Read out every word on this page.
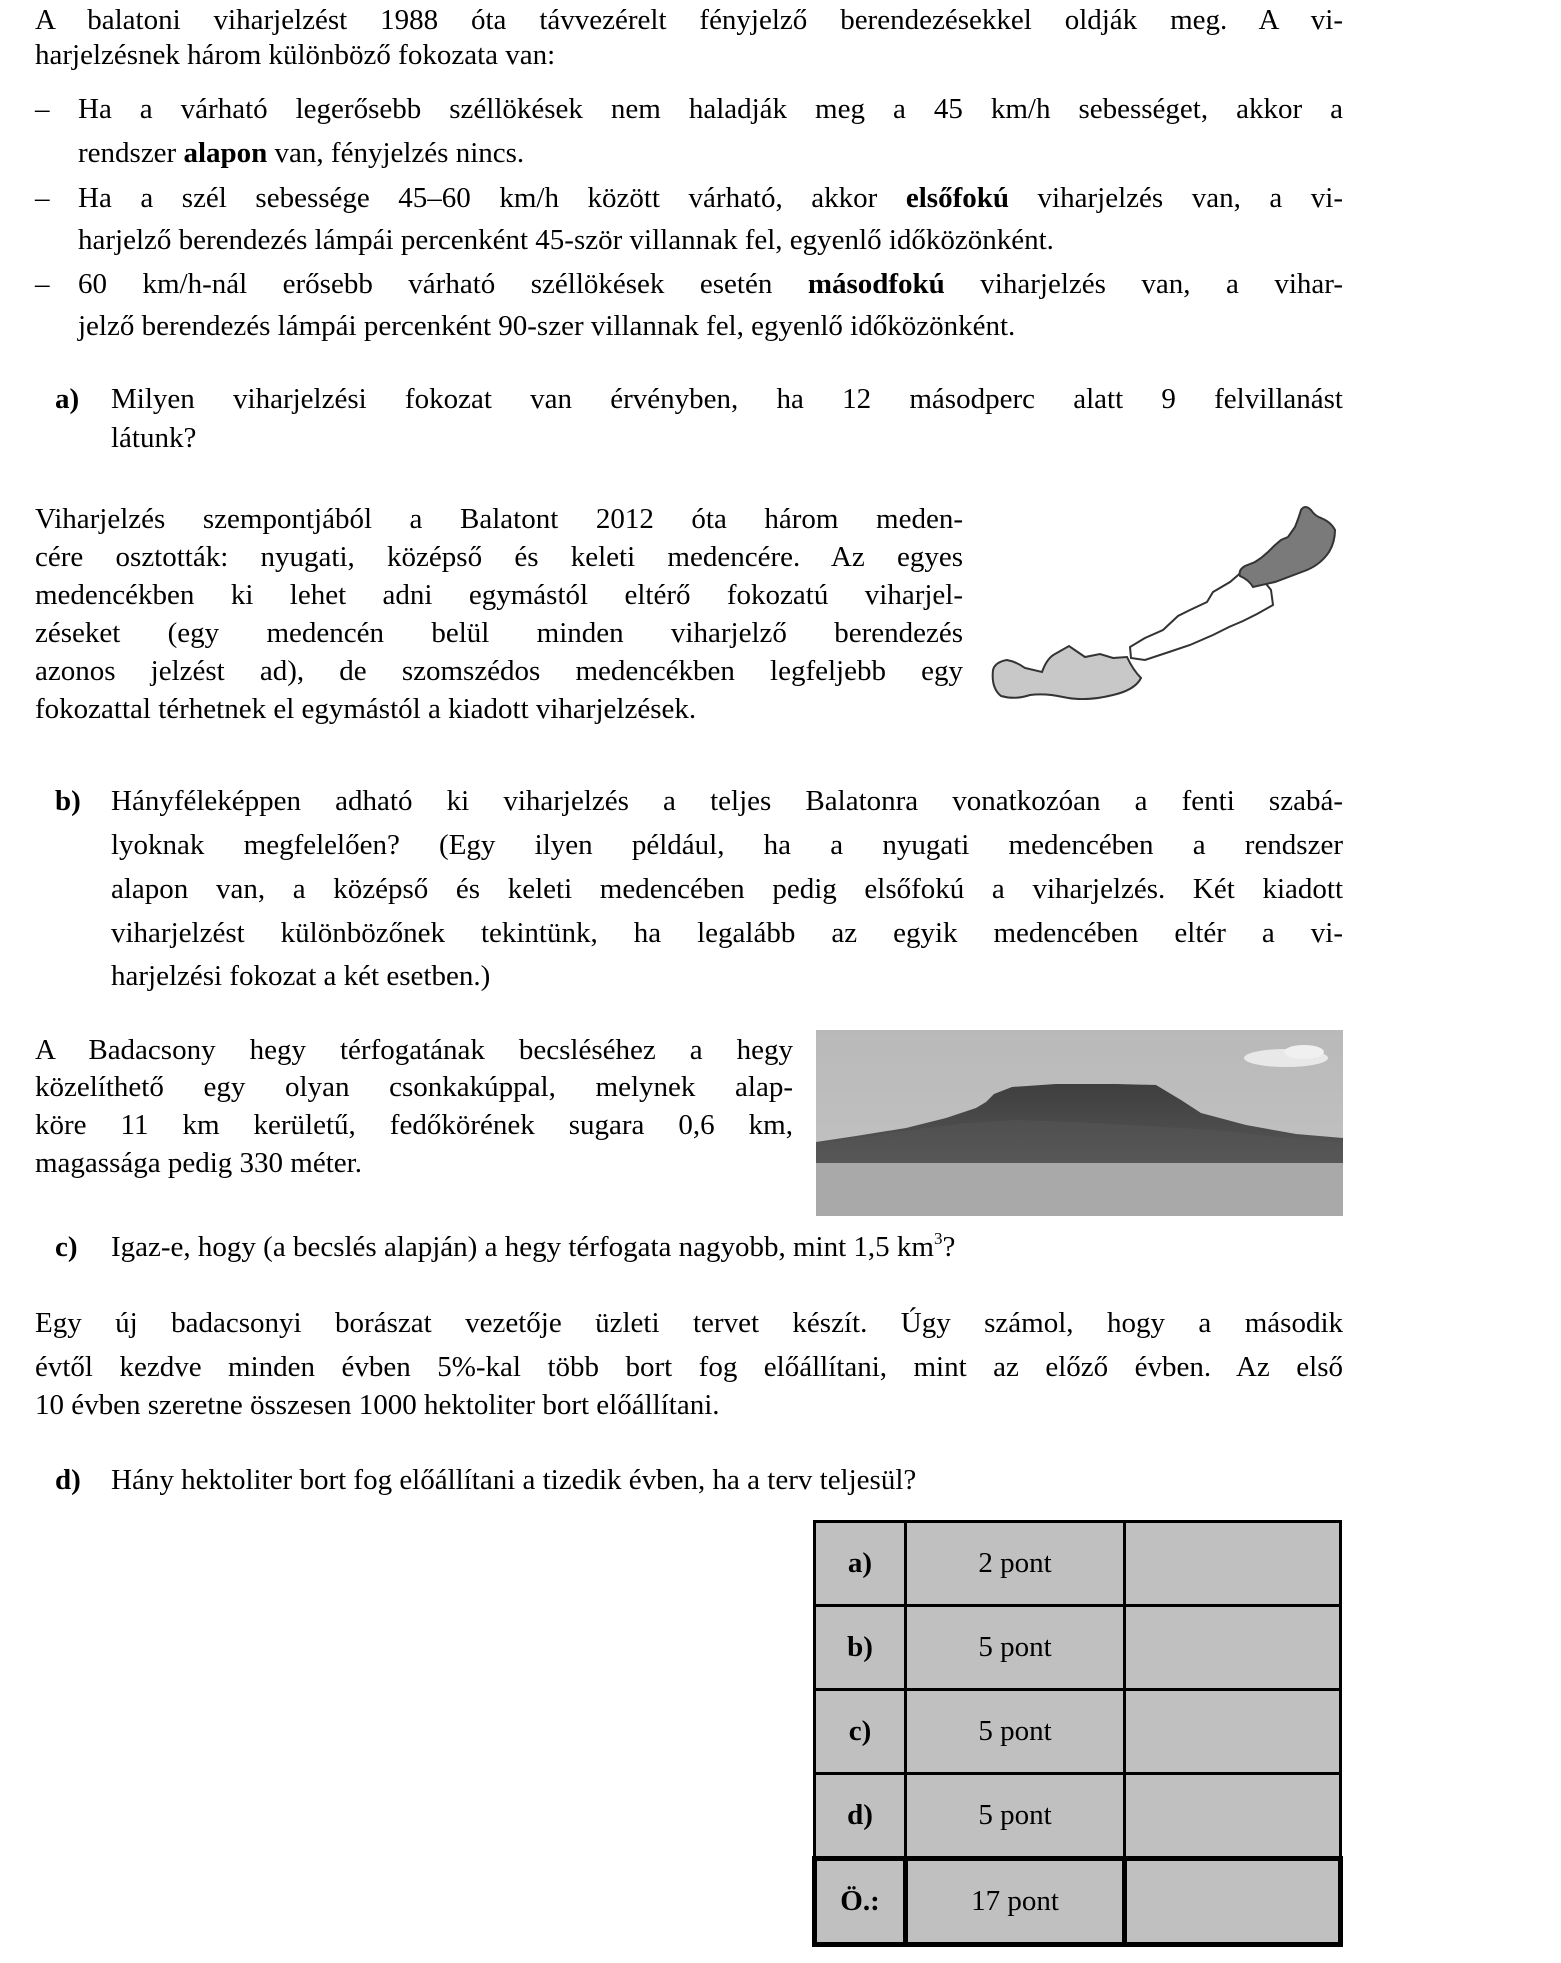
A balatoni viharjelzést 1988 óta távvezérelt fényjelző berendezésekkel oldják meg. A vi-
harjelzésnek három különböző fokozata van:
– Ha a várható legerősebb széllökések nem haladják meg a 45 km/h sebességet, akkor a
rendszer alapon van, fényjelzés nincs.
– Ha a szél sebessége 45–60 km/h között várható, akkor elsőfokú viharjelzés van, a vi-
harjelző berendezés lámpái percenként 45-ször villannak fel, egyenlő időközönként.
– 60 km/h-nál erősebb várható széllökések esetén másodfokú viharjelzés van, a vihar-
jelző berendezés lámpái percenként 90-szer villannak fel, egyenlő időközönként.
a) Milyen viharjelzési fokozat van érvényben, ha 12 másodperc alatt 9 felvillanást
látunk?
Viharjelzés szempontjából a Balatont 2012 óta három meden-
cére osztották: nyugati, középső és keleti medencére. Az egyes
medencékben ki lehet adni egymástól eltérő fokozatú viharjel-
zéseket (egy medencén belül minden viharjelző berendezés
azonos jelzést ad), de szomszédos medencékben legfeljebb egy
fokozattal térhetnek el egymástól a kiadott viharjelzések.
b) Hányféleképpen adható ki viharjelzés a teljes Balatonra vonatkozóan a fenti szabá-
lyoknak megfelelően? (Egy ilyen például, ha a nyugati medencében a rendszer
alapon van, a középső és keleti medencében pedig elsőfokú a viharjelzés. Két kiadott
viharjelzést különbözőnek tekintünk, ha legalább az egyik medencében eltér a vi-
harjelzési fokozat a két esetben.)
A Badacsony hegy térfogatának becsléséhez a hegy
közelíthető egy olyan csonkakúppal, melynek alap-
köre 11 km kerületű, fedőkörének sugara 0,6 km,
magassága pedig 330 méter.
c) Igaz-e, hogy (a becslés alapján) a hegy térfogata nagyobb, mint 1,5 $km^3$?
Egy új badacsonyi borászat vezetője üzleti tervet készít. Úgy számol, hogy a második
évtől kezdve minden évben 5%-kal több bort fog előállítani, mint az előző évben. Az első
10 évben szeretne összesen 1000 hektoliter bort előállítani.
d) Hány hektoliter bort fog előállítani a tizedik évben, ha a terv teljesül?
a)	2 pont	
b)	5 pont	
c)	5 pont	
d)	5 pont	
Ö.:	17 pont	
